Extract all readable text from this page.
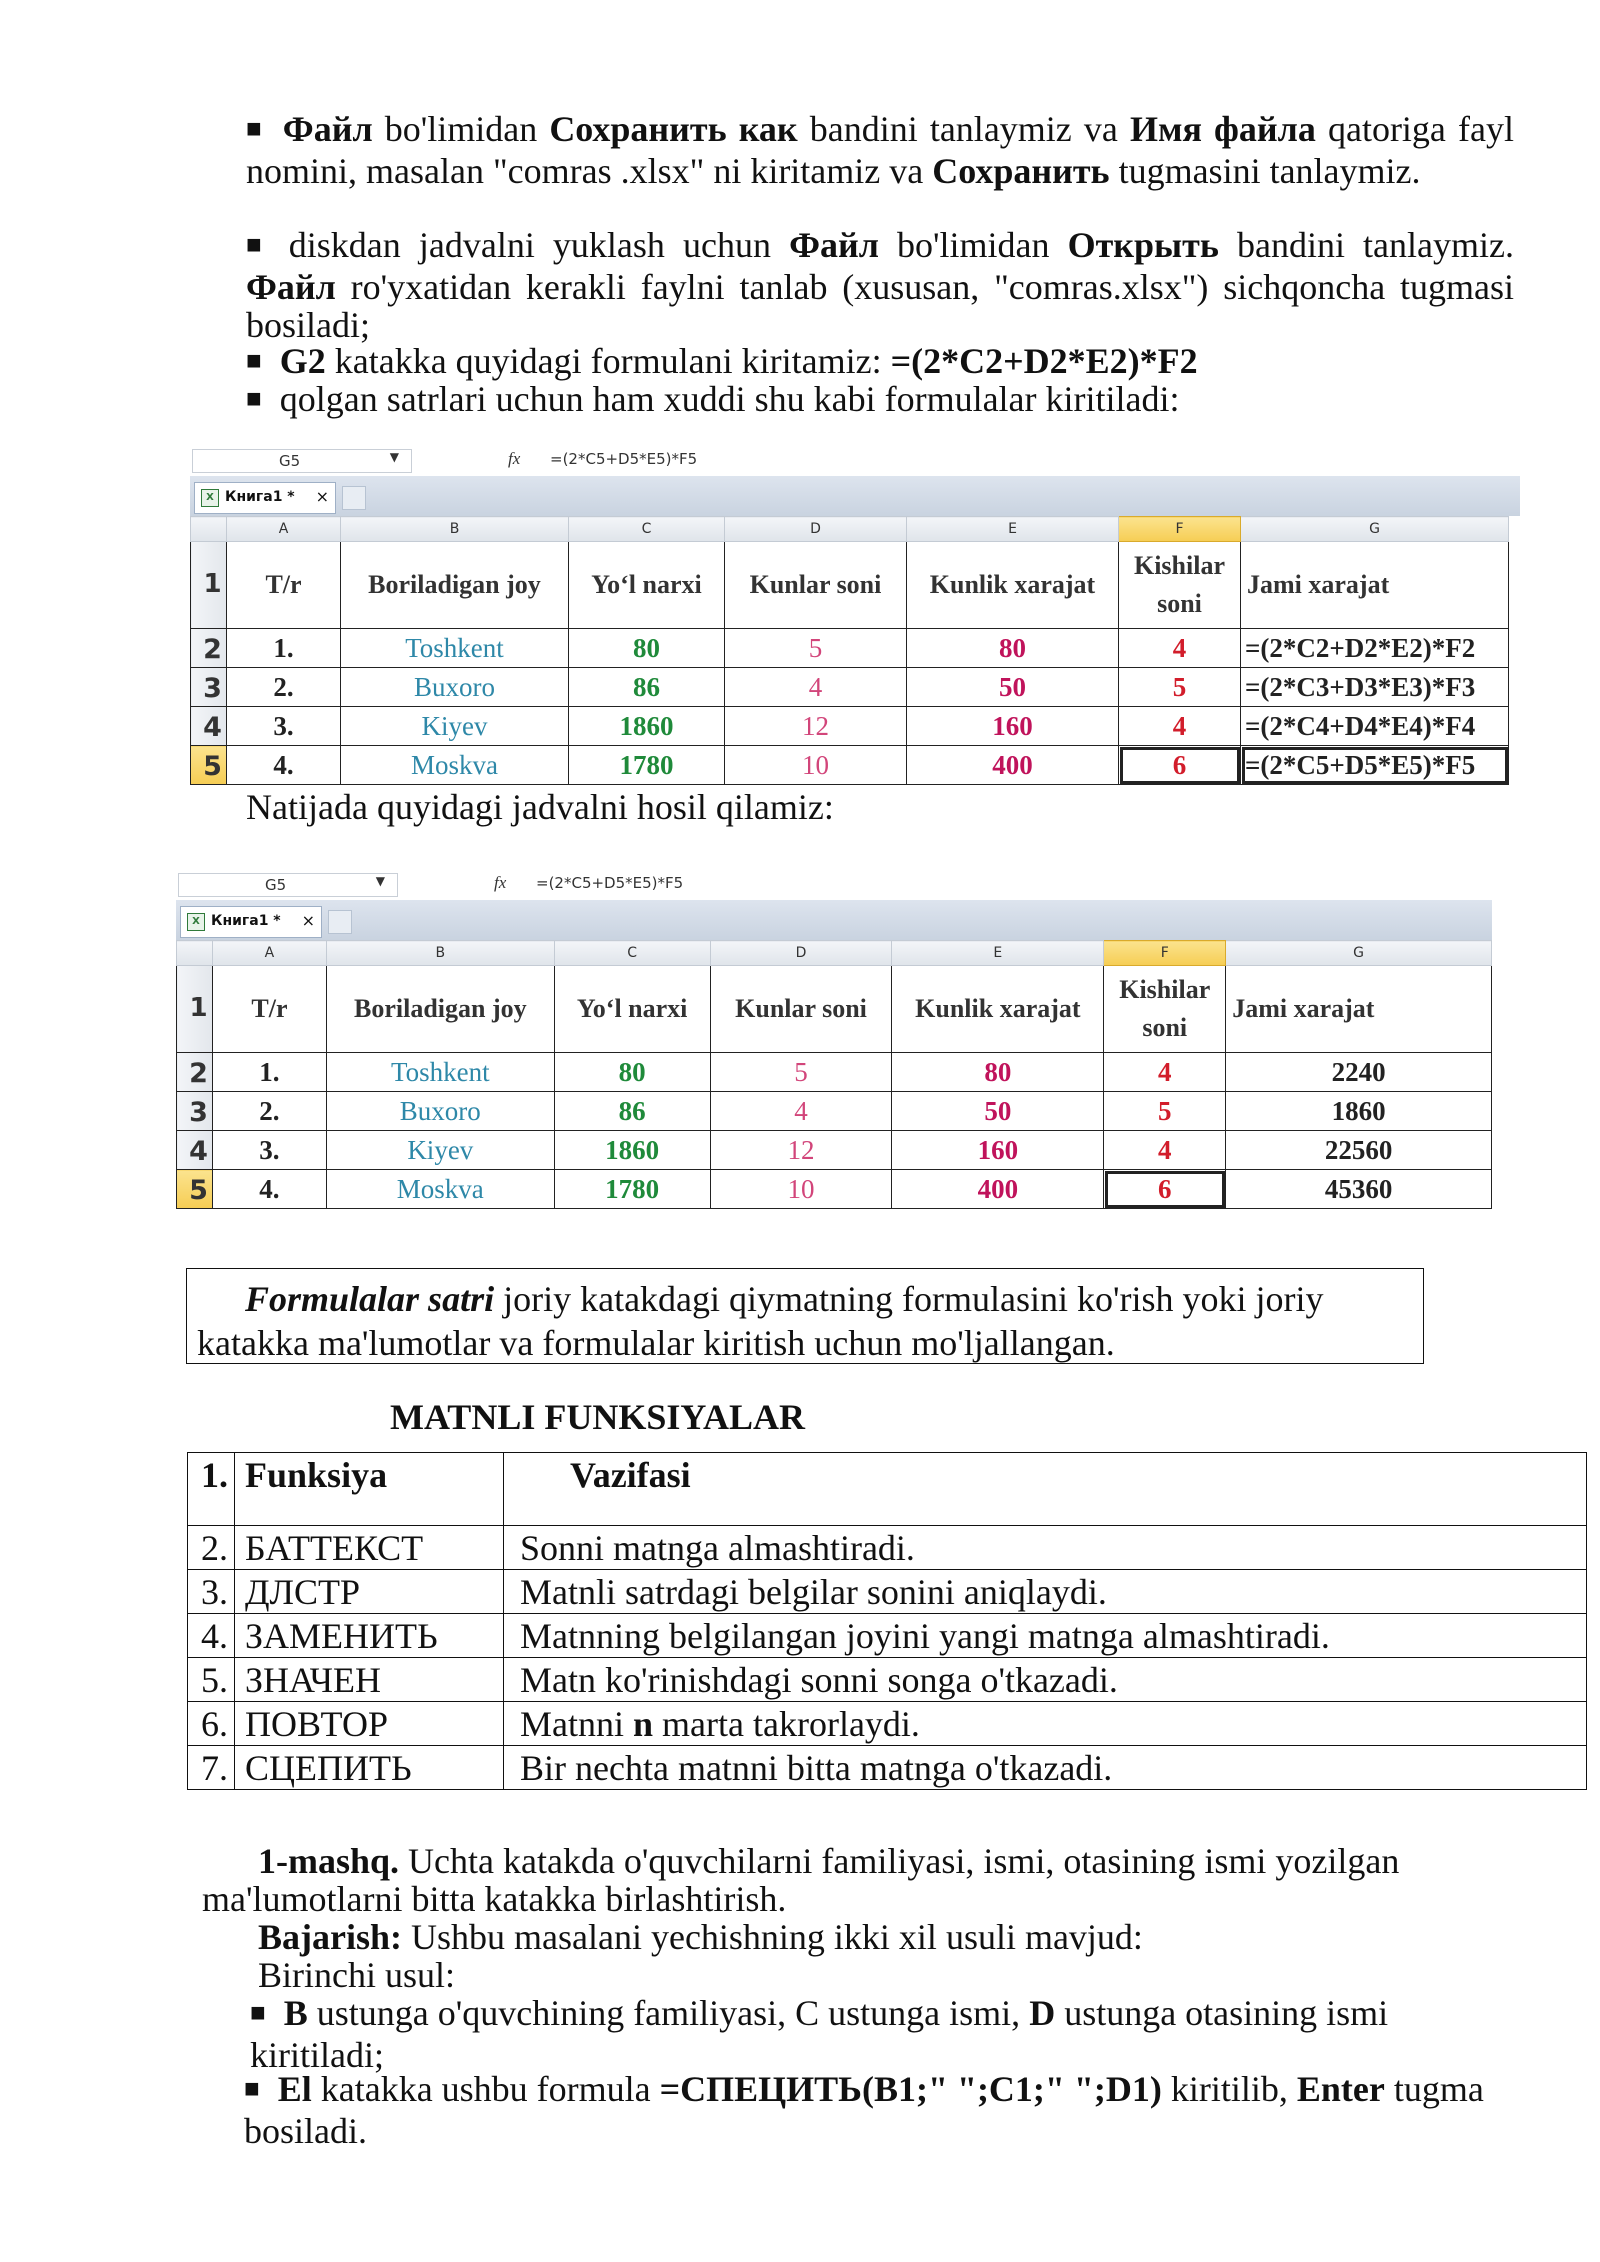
■ Файл bo'limidan Сохранить как bandini tanlaymiz va Имя файла qatoriga fayl nomini, masalan "comras .xlsx" ni kiritamiz va Сохранить tugmasini tanlaymiz.
■ diskdan jadvalni yuklash uchun Файл bo'limidan Открыть bandini tanlaymiz. Файл ro'yxatidan kerakli faylni tanlab (xususan, "comras.xlsx") sichqoncha tugmasi bosiladi;
■ G2 katakka quyidagi formulani kiritamiz: =(2*C2+D2*E2)*F2
■ qolgan satrlari uchun ham xuddi shu kabi formulalar kiritiladi:
G5	▼	fx =(2*C5+D5*E5)*F5
X Книга1 * ×
	A	B	C	D	E	F	G
1	T/r	Boriladigan joy	Yo‘l narxi	Kunlar soni	Kunlik xarajat	Kishilar soni	Jami xarajat
2	1.	Toshkent	80	5	80	4	=(2*C2+D2*E2)*F2
3	2.	Buxoro	86	4	50	5	=(2*C3+D3*E3)*F3
4	3.	Kiyev	1860	12	160	4	=(2*C4+D4*E4)*F4
5	4.	Moskva	1780	10	400	6	=(2*C5+D5*E5)*F5
Natijada quyidagi jadvalni hosil qilamiz:
G5	▼	fx =(2*C5+D5*E5)*F5
X Книга1 * ×
	A	B	C	D	E	F	G
1	T/r	Boriladigan joy	Yo‘l narxi	Kunlar soni	Kunlik xarajat	Kishilar soni	Jami xarajat
2	1.	Toshkent	80	5	80	4	2240
3	2.	Buxoro	86	4	50	5	1860
4	3.	Kiyev	1860	12	160	4	22560
5	4.	Moskva	1780	10	400	6	45360
Formulalar satri joriy katakdagi qiymatning formulasini ko'rish yoki joriy katakka ma'lumotlar va formulalar kiritish uchun mo'ljallangan.
MATNLI FUNKSIYALAR
1.	Funksiya	Vazifasi
2.	БАТТЕКСТ	Sonni matnga almashtiradi.
3.	ДЛСТР	Matnli satrdagi belgilar sonini aniqlaydi.
4.	ЗАМЕНИТЬ	Matnning belgilangan joyini yangi matnga almashtiradi.
5.	ЗНАЧЕН	Matn ko'rinishdagi sonni songa o'tkazadi.
6.	ПОВТОР	Matnni n marta takrorlaydi.
7.	СЦЕПИТЬ	Bir nechta matnni bitta matnga o'tkazadi.
1-mashq. Uchta katakda o'quvchilarni familiyasi, ismi, otasining ismi yozilgan ma'lumotlarni bitta katakka birlashtirish.
Bajarish: Ushbu masalani yechishning ikki xil usuli mavjud:
Birinchi usul:
■ B ustunga o'quvchining familiyasi, C ustunga ismi, D ustunga otasining ismi kiritiladi;
■ El katakka ushbu formula =СПЕЦИТЬ(B1;" ";C1;" ";D1) kiritilib, Enter tugma bosiladi.
